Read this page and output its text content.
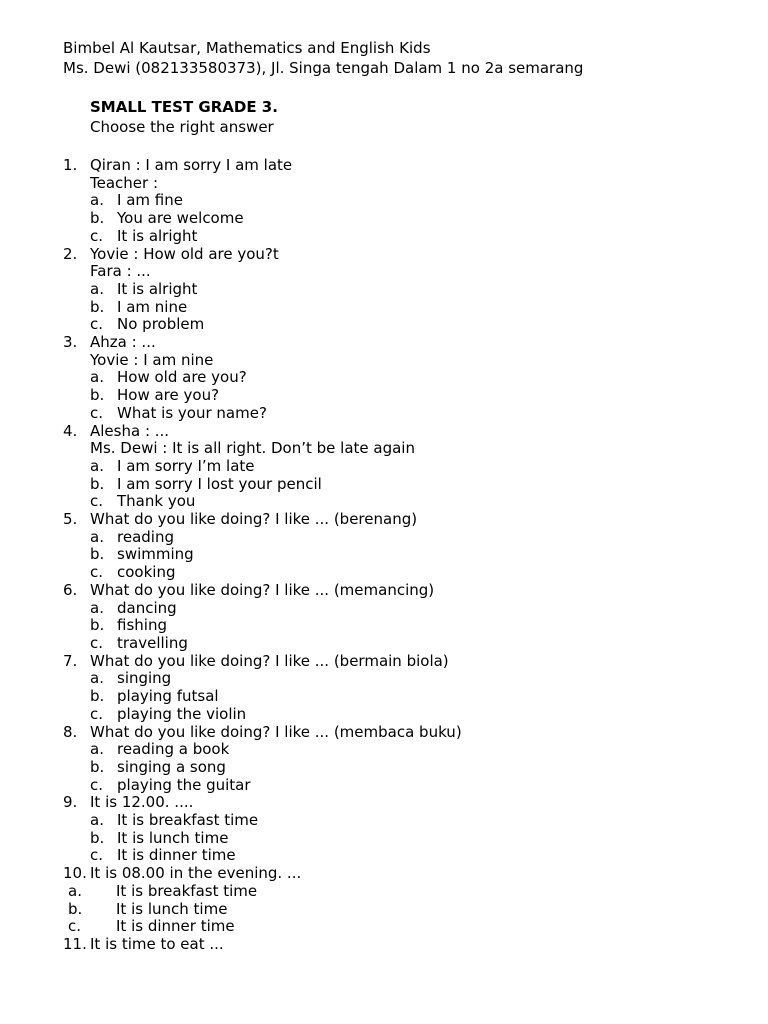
Bimbel Al Kautsar, Mathematics and English Kids
Ms. Dewi (082133580373), Jl. Singa tengah Dalam 1 no 2a semarang
SMALL TEST GRADE 3.
Choose the right answer
1. Qiran : I am sorry I am late
Teacher :
a. I am fine
b. You are welcome
c. It is alright
2. Yovie : How old are you?t
Fara : ...
a. It is alright
b. I am nine
c. No problem
3. Ahza : ...
Yovie : I am nine
a. How old are you?
b. How are you?
c. What is your name?
4. Alesha : ...
Ms. Dewi : It is all right. Don’t be late again
a. I am sorry I’m late
b. I am sorry I lost your pencil
c. Thank you
5. What do you like doing? I like ... (berenang)
a. reading
b. swimming
c. cooking
6. What do you like doing? I like ... (memancing)
a. dancing
b. fishing
c. travelling
7. What do you like doing? I like ... (bermain biola)
a. singing
b. playing futsal
c. playing the violin
8. What do you like doing? I like ... (membaca buku)
a. reading a book
b. singing a song
c. playing the guitar
9. It is 12.00. ....
a. It is breakfast time
b. It is lunch time
c. It is dinner time
10. It is 08.00 in the evening. ...
a. It is breakfast time
b. It is lunch time
c. It is dinner time
11. It is time to eat ...
